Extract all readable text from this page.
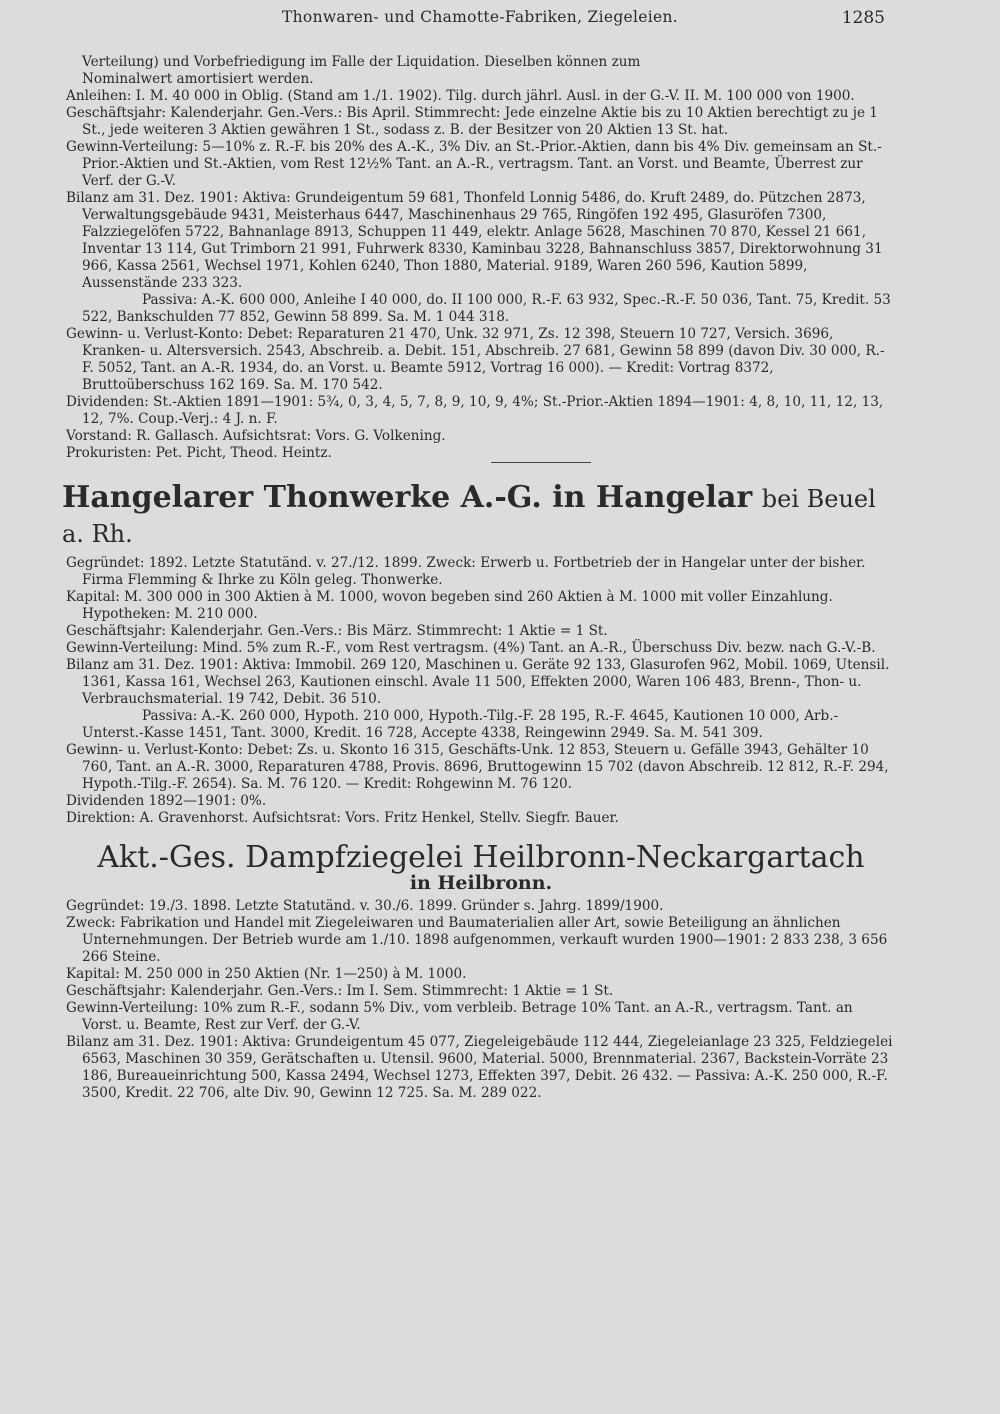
Thonwaren- und Chamotte-Fabriken, Ziegeleien.	1285

Verteilung) und Vorbefriedigung im Falle der Liquidation. Dieselben können zum

Nominalwert amortisiert werden.

Anleihen: I. M. 40 000 in Oblig. (Stand am 1./1. 1902). Tilg. durch jährl. Ausl. in der G.-V. II. M. 100 000 von 1900.

Geschäftsjahr: Kalenderjahr. Gen.-Vers.: Bis April. Stimmrecht: Jede einzelne Aktie bis zu 10 Aktien berechtigt zu je 1 St., jede weiteren 3 Aktien gewähren 1 St., sodass z. B. der Besitzer von 20 Aktien 13 St. hat.

Gewinn-Verteilung: 5—10% z. R.-F. bis 20% des A.-K., 3% Div. an St.-Prior.-Aktien, dann bis 4% Div. gemeinsam an St.-Prior.-Aktien und St.-Aktien, vom Rest 12½% Tant. an A.-R., vertragsm. Tant. an Vorst. und Beamte, Überrest zur Verf. der G.-V.

Bilanz am 31. Dez. 1901: Aktiva: Grundeigentum 59 681, Thonfeld Lonnig 5486, do. Kruft 2489, do. Pützchen 2873, Verwaltungsgebäude 9431, Meisterhaus 6447, Maschinenhaus 29 765, Ringöfen 192 495, Glasuröfen 7300, Falzziegelöfen 5722, Bahnanlage 8913, Schuppen 11 449, elektr. Anlage 5628, Maschinen 70 870, Kessel 21 661, Inventar 13 114, Gut Trimborn 21 991, Fuhrwerk 8330, Kaminbau 3228, Bahnanschluss 3857, Direktorwohnung 31 966, Kassa 2561, Wechsel 1971, Kohlen 6240, Thon 1880, Material. 9189, Waren 260 596, Kaution 5899, Aussenstände 233 323.

Passiva: A.-K. 600 000, Anleihe I 40 000, do. II 100 000, R.-F. 63 932, Spec.-R.-F. 50 036, Tant. 75, Kredit. 53 522, Bankschulden 77 852, Gewinn 58 899. Sa. M. 1 044 318.

Gewinn- u. Verlust-Konto: Debet: Reparaturen 21 470, Unk. 32 971, Zs. 12 398, Steuern 10 727, Versich. 3696, Kranken- u. Altersversich. 2543, Abschreib. a. Debit. 151, Abschreib. 27 681, Gewinn 58 899 (davon Div. 30 000, R.-F. 5052, Tant. an A.-R. 1934, do. an Vorst. u. Beamte 5912, Vortrag 16 000). — Kredit: Vortrag 8372, Bruttoüberschuss 162 169. Sa. M. 170 542.

Dividenden: St.-Aktien 1891—1901: 5¾, 0, 3, 4, 5, 7, 8, 9, 10, 9, 4%; St.-Prior.-Aktien 1894—1901: 4, 8, 10, 11, 12, 13, 12, 7%. Coup.-Verj.: 4 J. n. F.

Vorstand: R. Gallasch. Aufsichtsrat: Vors. G. Volkening.

Prokuristen: Pet. Picht, Theod. Heintz.

Hangelarer Thonwerke A.-G. in Hangelar bei Beuel a. Rh.

Gegründet: 1892. Letzte Statutänd. v. 27./12. 1899. Zweck: Erwerb u. Fortbetrieb der in Hangelar unter der bisher. Firma Flemming & Ihrke zu Köln geleg. Thonwerke.

Kapital: M. 300 000 in 300 Aktien à M. 1000, wovon begeben sind 260 Aktien à M. 1000 mit voller Einzahlung. Hypotheken: M. 210 000.

Geschäftsjahr: Kalenderjahr. Gen.-Vers.: Bis März. Stimmrecht: 1 Aktie = 1 St.

Gewinn-Verteilung: Mind. 5% zum R.-F., vom Rest vertragsm. (4%) Tant. an A.-R., Überschuss Div. bezw. nach G.-V.-B.

Bilanz am 31. Dez. 1901: Aktiva: Immobil. 269 120, Maschinen u. Geräte 92 133, Glasurofen 962, Mobil. 1069, Utensil. 1361, Kassa 161, Wechsel 263, Kautionen einschl. Avale 11 500, Effekten 2000, Waren 106 483, Brenn-, Thon- u. Verbrauchsmaterial. 19 742, Debit. 36 510.

Passiva: A.-K. 260 000, Hypoth. 210 000, Hypoth.-Tilg.-F. 28 195, R.-F. 4645, Kautionen 10 000, Arb.-Unterst.-Kasse 1451, Tant. 3000, Kredit. 16 728, Accepte 4338, Reingewinn 2949. Sa. M. 541 309.

Gewinn- u. Verlust-Konto: Debet: Zs. u. Skonto 16 315, Geschäfts-Unk. 12 853, Steuern u. Gefälle 3943, Gehälter 10 760, Tant. an A.-R. 3000, Reparaturen 4788, Provis. 8696, Bruttogewinn 15 702 (davon Abschreib. 12 812, R.-F. 294, Hypoth.-Tilg.-F. 2654). Sa. M. 76 120. — Kredit: Rohgewinn M. 76 120.

Dividenden 1892—1901: 0%.

Direktion: A. Gravenhorst. Aufsichtsrat: Vors. Fritz Henkel, Stellv. Siegfr. Bauer.

Akt.-Ges. Dampfziegelei Heilbronn-Neckargartach
in Heilbronn.

Gegründet: 19./3. 1898. Letzte Statutänd. v. 30./6. 1899. Gründer s. Jahrg. 1899/1900.

Zweck: Fabrikation und Handel mit Ziegeleiwaren und Baumaterialien aller Art, sowie Beteiligung an ähnlichen Unternehmungen. Der Betrieb wurde am 1./10. 1898 aufgenommen, verkauft wurden 1900—1901: 2 833 238, 3 656 266 Steine.

Kapital: M. 250 000 in 250 Aktien (Nr. 1—250) à M. 1000.

Geschäftsjahr: Kalenderjahr. Gen.-Vers.: Im I. Sem. Stimmrecht: 1 Aktie = 1 St.

Gewinn-Verteilung: 10% zum R.-F., sodann 5% Div., vom verbleib. Betrage 10% Tant. an A.-R., vertragsm. Tant. an Vorst. u. Beamte, Rest zur Verf. der G.-V.

Bilanz am 31. Dez. 1901: Aktiva: Grundeigentum 45 077, Ziegeleigebäude 112 444, Ziegeleianlage 23 325, Feldziegelei 6563, Maschinen 30 359, Gerätschaften u. Utensil. 9600, Material. 5000, Brennmaterial. 2367, Backstein-Vorräte 23 186, Bureaueinrichtung 500, Kassa 2494, Wechsel 1273, Effekten 397, Debit. 26 432. — Passiva: A.-K. 250 000, R.-F. 3500, Kredit. 22 706, alte Div. 90, Gewinn 12 725. Sa. M. 289 022.
